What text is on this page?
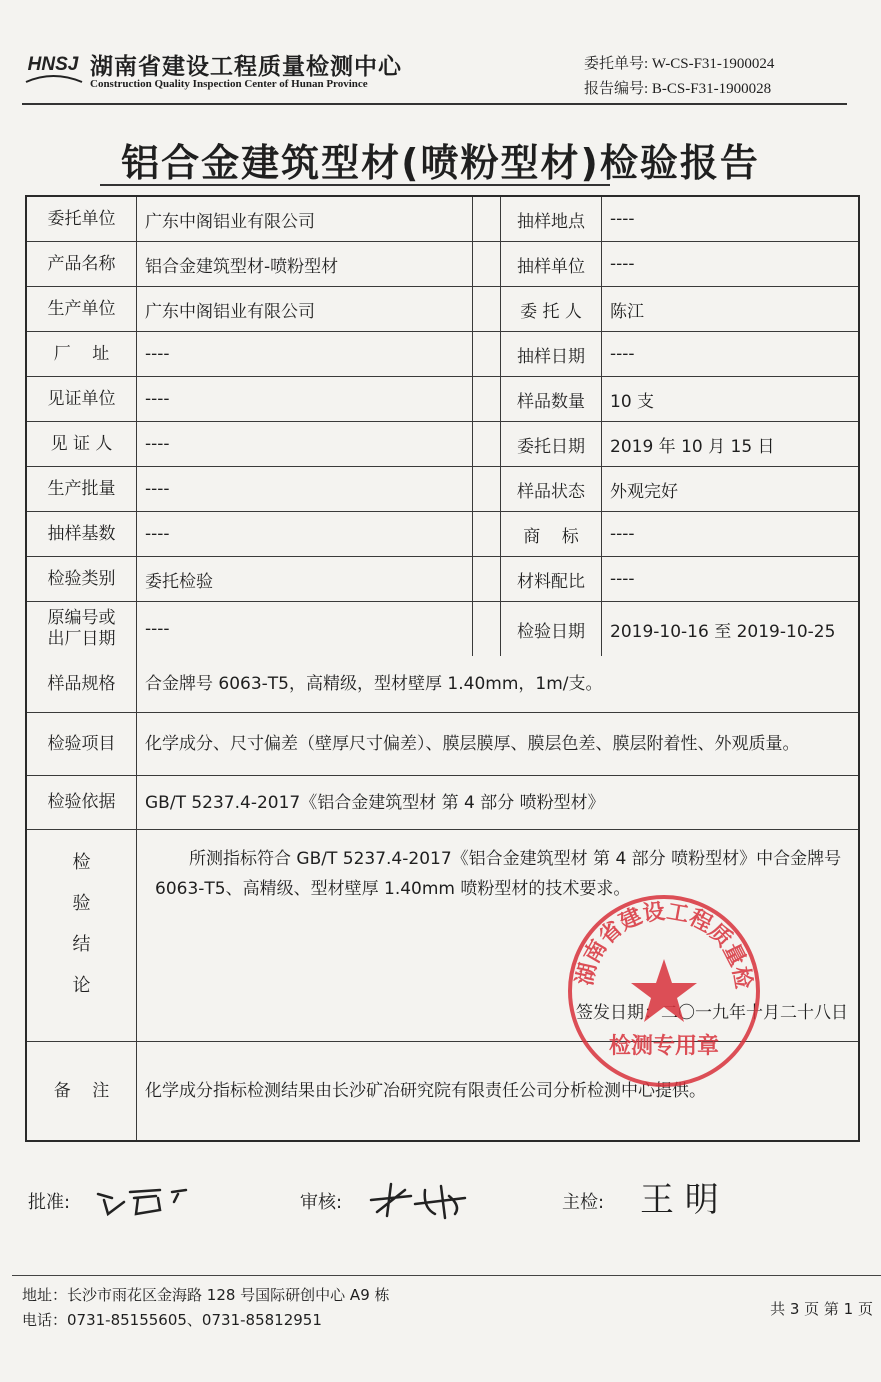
HNSJ 湖南省建设工程质量检测中心
Construction Quality Inspection Center of Hunan Province
委托单号: W-CS-F31-1900024
报告编号: B-CS-F31-1900028
铝合金建筑型材(喷粉型材)检验报告
委托单位	广东中阁铝业有限公司	抽样地点	----
产品名称	铝合金建筑型材-喷粉型材	抽样单位	----
生产单位	广东中阁铝业有限公司	委 托 人	陈江
厂    址	----	抽样日期	----
见证单位	----	样品数量	10 支
见 证 人	----	委托日期	2019 年 10 月 15 日
生产批量	----	样品状态	外观完好
抽样基数	----	商    标	----
检验类别	委托检验	材料配比	----
原编号或
出厂日期	----	检验日期	2019-10-16 至 2019-10-25
样品规格	合金牌号 6063-T5，高精级，型材壁厚 1.40mm，1m/支。
检验项目	化学成分、尺寸偏差（壁厚尺寸偏差）、膜层膜厚、膜层色差、膜层附着性、外观质量。
检验依据	GB/T 5237.4-2017《铝合金建筑型材 第 4 部分 喷粉型材》
检
验
结
论
所测指标符合 GB/T 5237.4-2017《铝合金建筑型材 第 4 部分 喷粉型材》中合金牌号 6063-T5、高精级、型材壁厚 1.40mm 喷粉型材的技术要求。
签发日期：二〇一九年十月二十八日
备    注	化学成分指标检测结果由长沙矿冶研究院有限责任公司分析检测中心提供。
湖南省建设工程质量检
检测专用章
批准:	审核:	主检: 王 明
地址：长沙市雨花区金海路 128 号国际研创中心 A9 栋
电话：0731-85155605、0731-85812951
共 3 页 第 1 页
